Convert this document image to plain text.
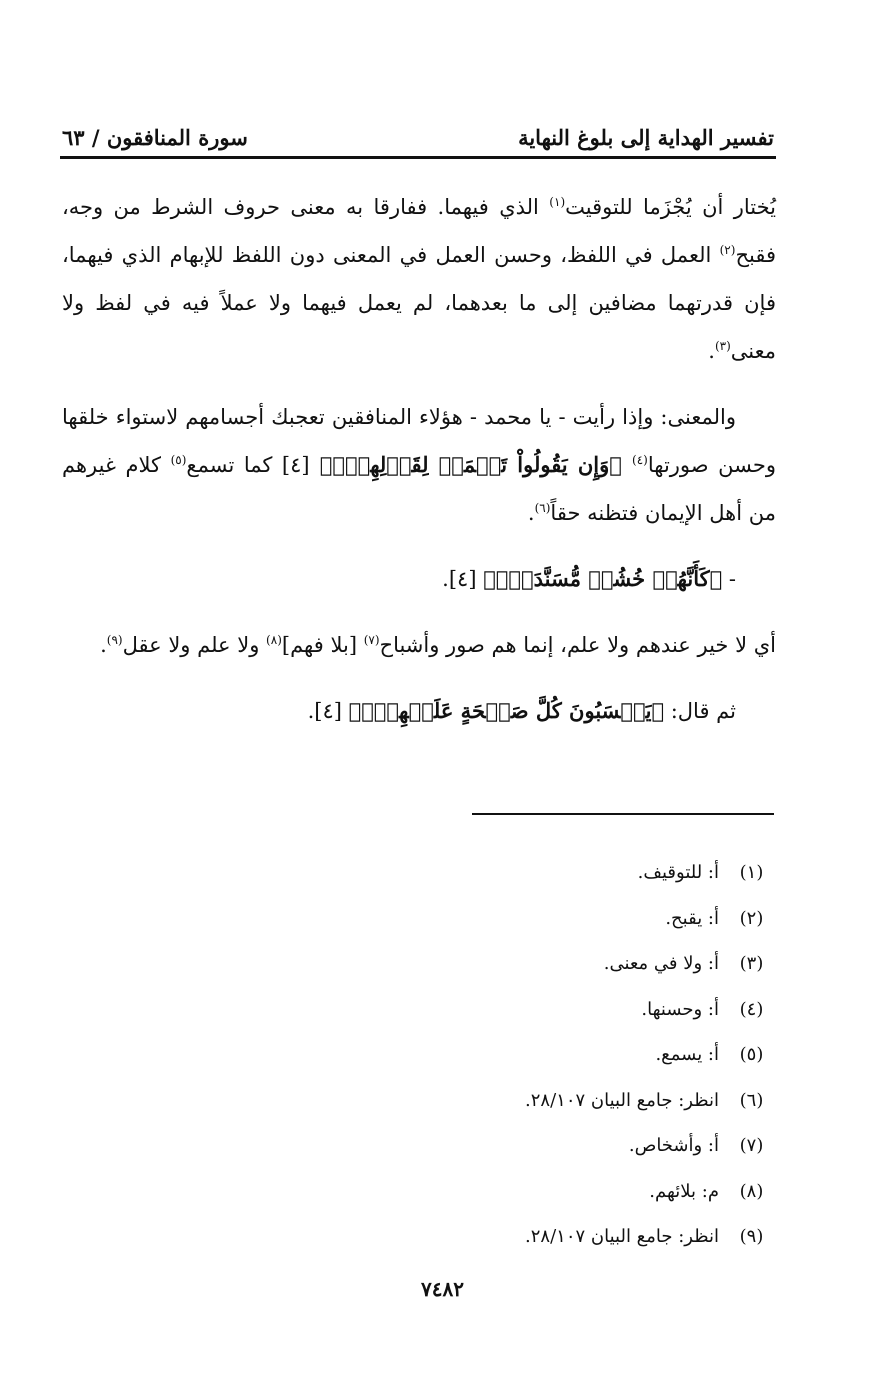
تفسير الهداية إلى بلوغ النهاية
سورة المنافقون / ٦٣

يُختار أن يُجْزَما للتوقيت$^{(١)}$ الذي فيهما. ففارقا به معنى حروف الشرط من وجه، فقبح$^{(٢)}$ العمل في اللفظ، وحسن العمل في المعنى دون اللفظ للإبهام الذي فيهما، فإن قدرتهما مضافين إلى ما بعدهما، لم يعمل فيهما ولا عملاً فيه في لفظ ولا معنى$^{(٣)}$.

والمعنى: وإذا رأيت - يا محمد - هؤلاء المنافقين تعجبك أجسامهم لاستواء خلقها وحسن صورتها$^{(٤)}$ ﴿وَإِن يَقُولُواْ تَسۡمَعۡ لِقَوۡلِهِمۡۖ﴾ [٤] كما تسمع$^{(٥)}$ كلام غيرهم من أهل الإيمان فتظنه حقاً$^{(٦)}$.

- ﴿كَأَنَّهُمۡ خُشُبٞ مُّسَنَّدَةٞۖ﴾ [٤].

أي لا خير عندهم ولا علم، إنما هم صور وأشباح$^{(٧)}$ [بلا فهم]$^{(٨)}$ ولا علم ولا عقل$^{(٩)}$.

ثم قال: ﴿يَحۡسَبُونَ كُلَّ صَيۡحَةٍ عَلَيۡهِمۡۚ﴾ [٤].

(١)
أ: للتوقيف.
(٢)
أ: يقبح.
(٣)
أ: ولا في معنى.
(٤)
أ: وحسنها.
(٥)
أ: يسمع.
(٦)
انظر: جامع البيان ٢٨/١٠٧.
(٧)
أ: وأشخاص.
(٨)
م: بلائهم.
(٩)
انظر: جامع البيان ٢٨/١٠٧.
٧٤٨٢
